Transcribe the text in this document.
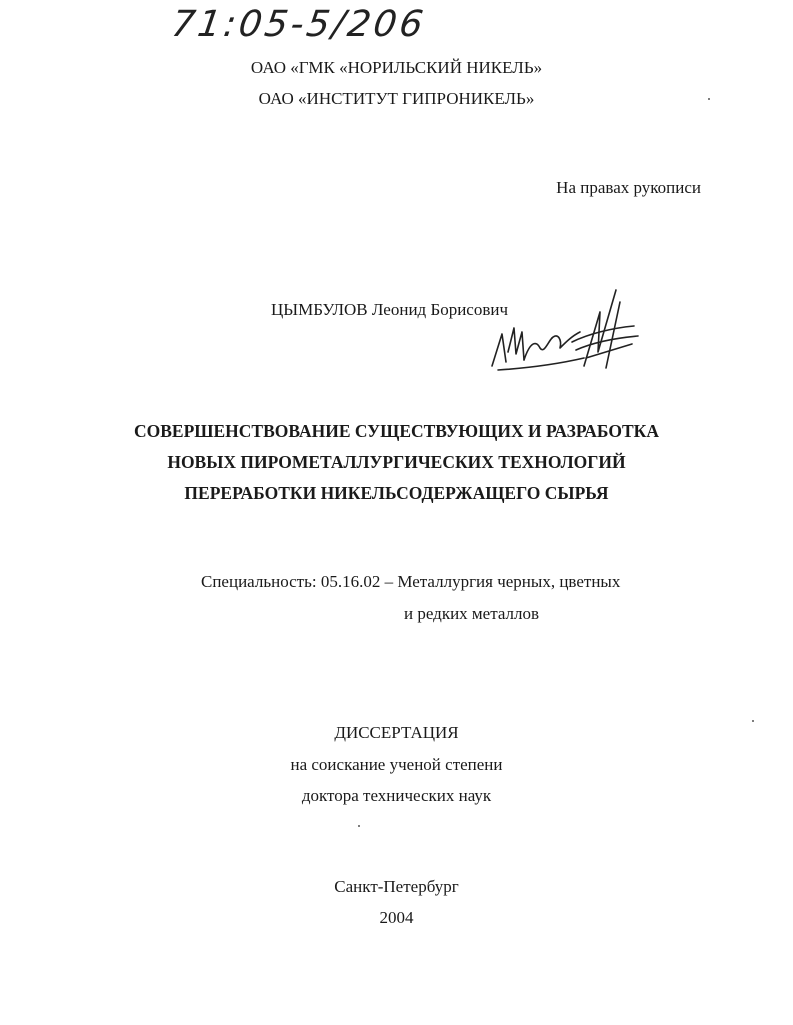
71:05-5/206
ОАО «ГМК «НОРИЛЬСКИЙ НИКЕЛЬ»
ОАО «ИНСТИТУТ ГИПРОНИКЕЛЬ»
На правах рукописи
ЦЫМБУЛОВ Леонид Борисович
СОВЕРШЕНСТВОВАНИЕ СУЩЕСТВУЮЩИХ И РАЗРАБОТКА
НОВЫХ ПИРОМЕТАЛЛУРГИЧЕСКИХ ТЕХНОЛОГИЙ
ПЕРЕРАБОТКИ НИКЕЛЬСОДЕРЖАЩЕГО СЫРЬЯ
Специальность: 05.16.02 – Металлургия черных, цветных
и редких металлов
ДИССЕРТАЦИЯ
на соискание ученой степени
доктора технических наук
Санкт-Петербург
2004
